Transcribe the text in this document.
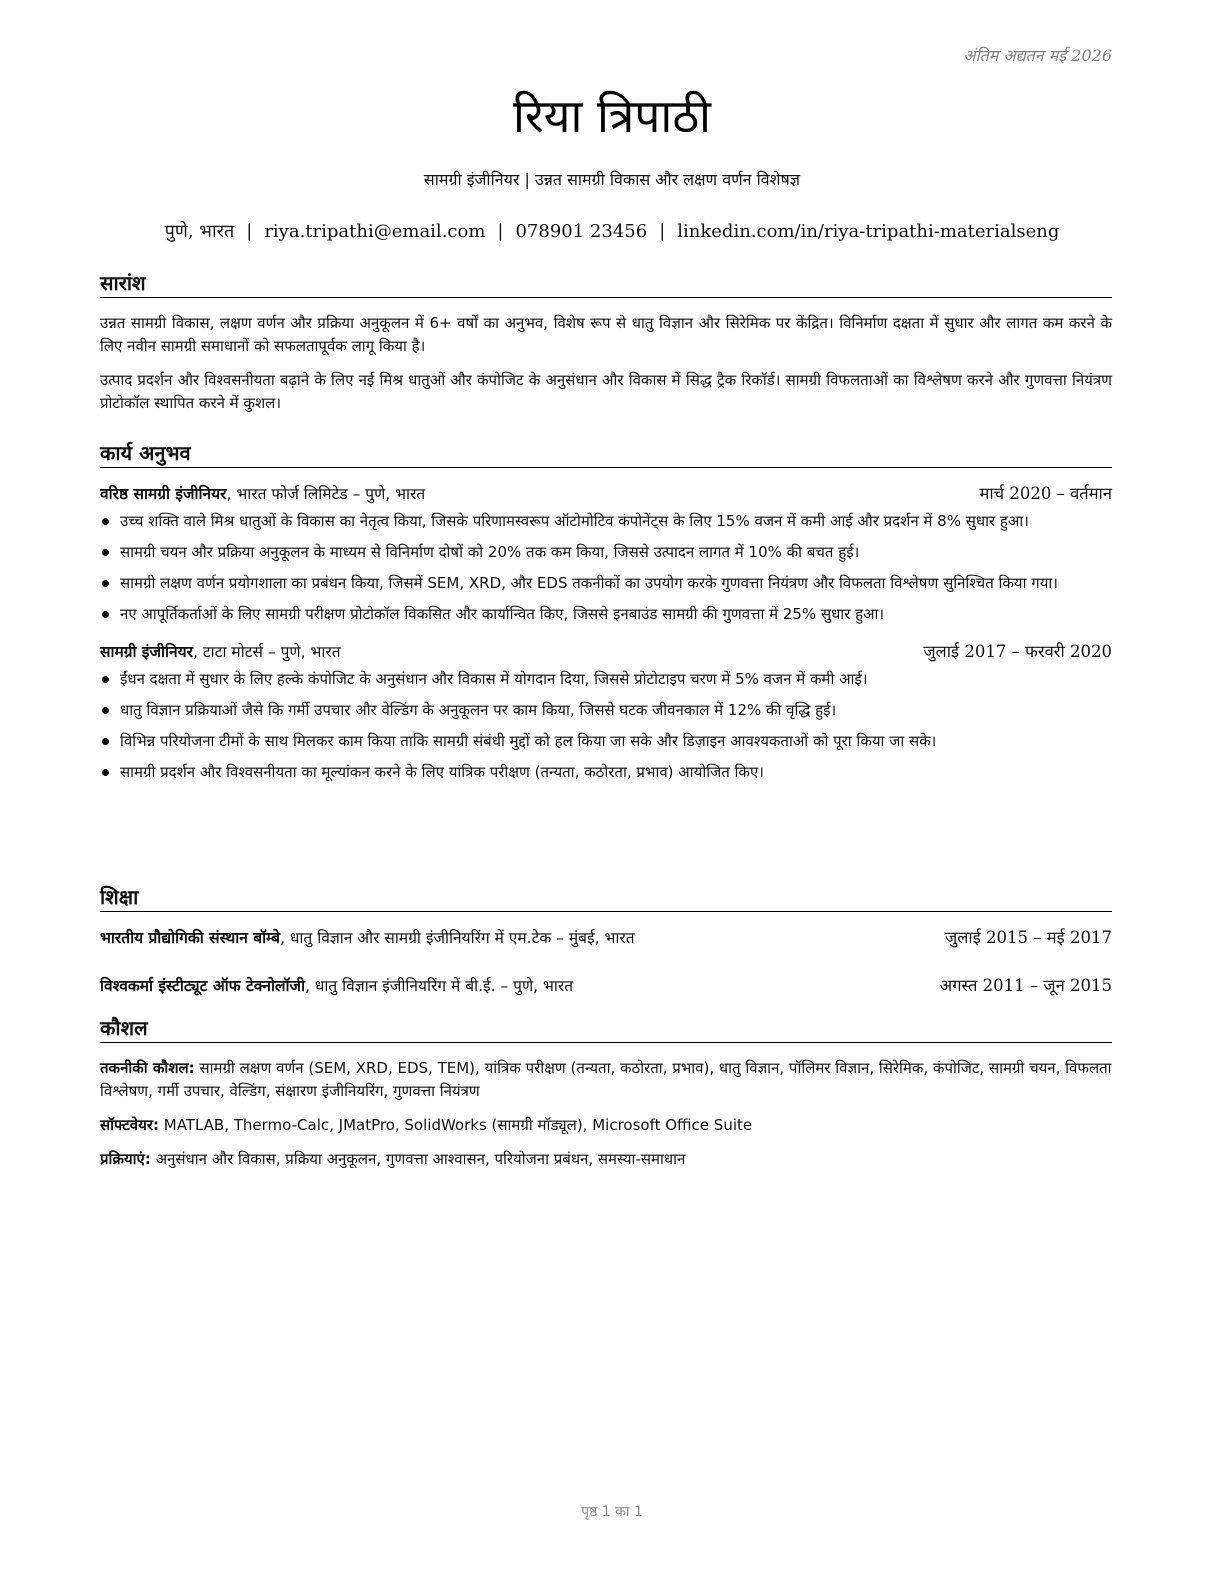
अंतिम अद्यतन मई 2026
रिया त्रिपाठी
सामग्री इंजीनियर | उन्नत सामग्री विकास और लक्षण वर्णन विशेषज्ञ
पुणे, भारत | riya.tripathi@email.com | 078901 23456 | linkedin.com/in/riya-tripathi-materialseng
सारांश

उन्नत सामग्री विकास, लक्षण वर्णन और प्रक्रिया अनुकूलन में 6+ वर्षों का अनुभव, विशेष रूप से धातु विज्ञान और सिरेमिक पर केंद्रित। विनिर्माण दक्षता में सुधार और लागत कम करने के लिए नवीन सामग्री समाधानों को सफलतापूर्वक लागू किया है।

उत्पाद प्रदर्शन और विश्वसनीयता बढ़ाने के लिए नई मिश्र धातुओं और कंपोजिट के अनुसंधान और विकास में सिद्ध ट्रैक रिकॉर्ड। सामग्री विफलताओं का विश्लेषण करने और गुणवत्ता नियंत्रण प्रोटोकॉल स्थापित करने में कुशल।

कार्य अनुभव
वरिष्ठ सामग्री इंजीनियर, भारत फोर्ज लिमिटेड – पुणे, भारत	मार्च 2020 – वर्तमान
उच्च शक्ति वाले मिश्र धातुओं के विकास का नेतृत्व किया, जिसके परिणामस्वरूप ऑटोमोटिव कंपोनेंट्स के लिए 15% वजन में कमी आई और प्रदर्शन में 8% सुधार हुआ।
सामग्री चयन और प्रक्रिया अनुकूलन के माध्यम से विनिर्माण दोषों को 20% तक कम किया, जिससे उत्पादन लागत में 10% की बचत हुई।
सामग्री लक्षण वर्णन प्रयोगशाला का प्रबंधन किया, जिसमें SEM, XRD, और EDS तकनीकों का उपयोग करके गुणवत्ता नियंत्रण और विफलता विश्लेषण सुनिश्चित किया गया।
नए आपूर्तिकर्ताओं के लिए सामग्री परीक्षण प्रोटोकॉल विकसित और कार्यान्वित किए, जिससे इनबाउंड सामग्री की गुणवत्ता में 25% सुधार हुआ।
सामग्री इंजीनियर, टाटा मोटर्स – पुणे, भारत	जुलाई 2017 – फरवरी 2020
ईंधन दक्षता में सुधार के लिए हल्के कंपोजिट के अनुसंधान और विकास में योगदान दिया, जिससे प्रोटोटाइप चरण में 5% वजन में कमी आई।
धातु विज्ञान प्रक्रियाओं जैसे कि गर्मी उपचार और वेल्डिंग के अनुकूलन पर काम किया, जिससे घटक जीवनकाल में 12% की वृद्धि हुई।
विभिन्न परियोजना टीमों के साथ मिलकर काम किया ताकि सामग्री संबंधी मुद्दों को हल किया जा सके और डिज़ाइन आवश्यकताओं को पूरा किया जा सके।
सामग्री प्रदर्शन और विश्वसनीयता का मूल्यांकन करने के लिए यांत्रिक परीक्षण (तन्यता, कठोरता, प्रभाव) आयोजित किए।
शिक्षा
भारतीय प्रौद्योगिकी संस्थान बॉम्बे, धातु विज्ञान और सामग्री इंजीनियरिंग में एम.टेक – मुंबई, भारत	जुलाई 2015 – मई 2017
विश्वकर्मा इंस्टीट्यूट ऑफ टेक्नोलॉजी, धातु विज्ञान इंजीनियरिंग में बी.ई. – पुणे, भारत	अगस्त 2011 – जून 2015
कौशल

तकनीकी कौशल: सामग्री लक्षण वर्णन (SEM, XRD, EDS, TEM), यांत्रिक परीक्षण (तन्यता, कठोरता, प्रभाव), धातु विज्ञान, पॉलिमर विज्ञान, सिरेमिक, कंपोजिट, सामग्री चयन, विफलता विश्लेषण, गर्मी उपचार, वेल्डिंग, संक्षारण इंजीनियरिंग, गुणवत्ता नियंत्रण

सॉफ्टवेयर: MATLAB, Thermo-Calc, JMatPro, SolidWorks (सामग्री मॉड्यूल), Microsoft Office Suite

प्रक्रियाएं: अनुसंधान और विकास, प्रक्रिया अनुकूलन, गुणवत्ता आश्वासन, परियोजना प्रबंधन, समस्या-समाधान

पृष्ठ 1 का 1
